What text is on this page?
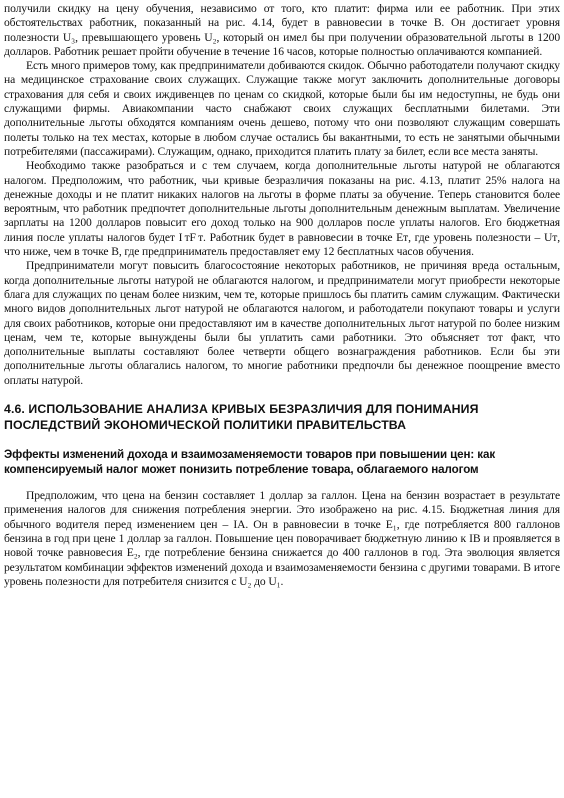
получили скидку на цену обучения, независимо от того, кто платит: фирма или ее работник. При этих обстоятельствах работник, показанный на рис. 4.14, будет в равновесии в точке B. Он достигает уровня полезности U₃, превышающего уровень U₂, который он имел бы при получении образовательной льготы в 1200 долларов. Работник решает пройти обучение в течение 16 часов, которые полностью оплачиваются компанией.

Есть много примеров тому, как предприниматели добиваются скидок. Обычно работодатели получают скидку на медицинское страхование своих служащих. Служащие также могут заключить дополнительные договоры страхования для себя и своих иждивенцев по ценам со скидкой, которые были бы им недоступны, не будь они служащими фирмы. Авиакомпании часто снабжают своих служащих бесплатными билетами. Эти дополнительные льготы обходятся компаниям очень дешево, потому что они позволяют служащим совершать полеты только на тех местах, которые в любом случае остались бы вакантными, то есть не занятыми обычными потребителями (пассажирами). Служащим, однако, приходится платить плату за билет, если все места заняты.

Необходимо также разобраться и с тем случаем, когда дополнительные льготы натурой не облагаются налогом. Предположим, что работник, чьи кривые безразличия показаны на рис. 4.13, платит 25% налога на денежные доходы и не платит никаких налогов на льготы в форме платы за обучение. Теперь становится более вероятным, что работник предпочтет дополнительные льготы дополнительным денежным выплатам. Увеличение зарплаты на 1200 долларов повысит его доход только на 900 долларов после уплаты налогов. Его бюджетная линия после уплаты налогов будет I ᴛF ᴛ. Работник будет в равновесии в точке Eᴛ, где уровень полезности – Uᴛ, что ниже, чем в точке B, где предприниматель предоставляет ему 12 бесплатных часов обучения.

Предприниматели могут повысить благосостояние некоторых работников, не причиняя вреда остальным, когда дополнительные льготы натурой не облагаются налогом, и предприниматели могут приобрести некоторые блага для служащих по ценам более низким, чем те, которые пришлось бы платить самим служащим. Фактически много видов дополнительных льгот натурой не облагаются налогом, и работодатели покупают товары и услуги для своих работников, которые они предоставляют им в качестве дополнительных льгот натурой по более низким ценам, чем те, которые вынуждены были бы уплатить сами работники. Это объясняет тот факт, что дополнительные выплаты составляют более четверти общего вознаграждения работников. Если бы эти дополнительные льготы облагались налогом, то многие работники предпочли бы денежное поощрение вместо оплаты натурой.

4.6. ИСПОЛЬЗОВАНИЕ АНАЛИЗА КРИВЫХ БЕЗРАЗЛИЧИЯ ДЛЯ ПОНИМАНИЯ ПОСЛЕДСТВИЙ ЭКОНОМИЧЕСКОЙ ПОЛИТИКИ ПРАВИТЕЛЬСТВА
Эффекты изменений дохода и взаимозаменяемости товаров при повышении цен: как компенсируемый налог может понизить потребление товара, облагаемого налогом

Предположим, что цена на бензин составляет 1 доллар за галлон. Цена на бензин возрастает в результате применения налогов для снижения потребления энергии. Это изображено на рис. 4.15. Бюджетная линия для обычного водителя перед изменением цен – IA. Он в равновесии в точке E₁, где потребляется 800 галлонов бензина в год при цене 1 доллар за галлон. Повышение цен поворачивает бюджетную линию к IB и проявляется в новой точке равновесия E₂, где потребление бензина снижается до 400 галлонов в год. Эта эволюция является результатом комбинации эффектов изменений дохода и взаимозаменяемости бензина с другими товарами. В итоге уровень полезности для потребителя снизится с U₂ до U₁.
